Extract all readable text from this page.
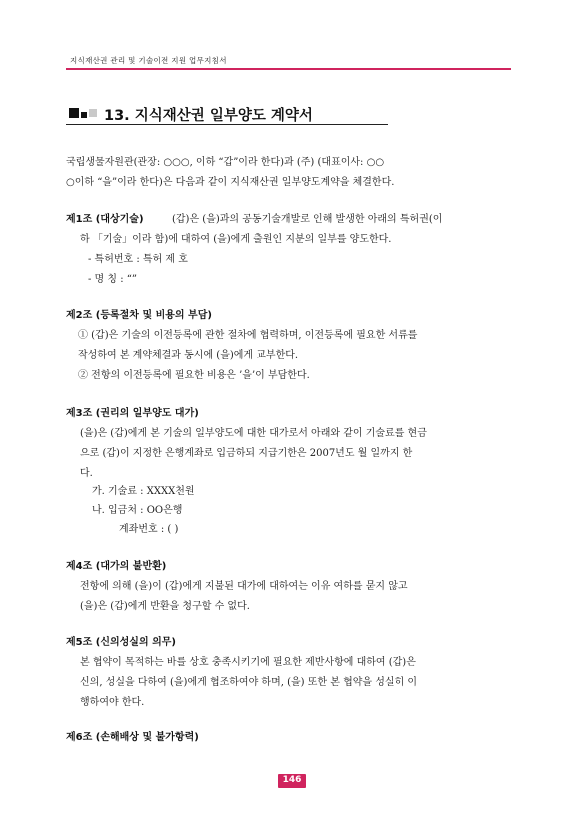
지식재산권 관리 및 기술이전 지원 업무지침서
13. 지식재산권 일부양도 계약서
국립생물자원관(관장: ○○○, 이하 “갑”이라 한다)과 (주) (대표이사: ○○
○이하 “을”이라 한다)은 다음과 같이 지식재산권 일부양도계약을 체결한다.
제1조 (대상기술)	(갑)은 (을)과의 공동기술개발로 인해 발생한 아래의 특허권(이
하 「기술」이라 함)에 대하여 (을)에게 출원인 지분의 일부를 양도한다.
- 특허번호 : 특허 제 호
- 명 칭 : “”
제2조 (등록절차 및 비용의 부담)
① (갑)은 기술의 이전등록에 관한 절차에 협력하며, 이전등록에 필요한 서류를
작성하여 본 계약체결과 동시에 (을)에게 교부한다.
② 전항의 이전등록에 필요한 비용은 ’을’이 부담한다.
제3조 (권리의 일부양도 대가)
(을)은 (갑)에게 본 기술의 일부양도에 대한 대가로서 아래와 같이 기술료를 현금
으로 (갑)이 지정한 은행계좌로 입금하되 지급기한은 2007년도 월 일까지 한
다.
가. 기술료 : XXXX천원
나. 입금처 : OO은행
계좌번호 : ( )
제4조 (대가의 불반환)
전항에 의해 (을)이 (갑)에게 지불된 대가에 대하여는 이유 여하를 묻지 않고
(을)은 (갑)에게 반환을 청구할 수 없다.
제5조 (신의성실의 의무)
본 협약이 목적하는 바를 상호 충족시키기에 필요한 제반사항에 대하여 (갑)은
신의, 성실을 다하여 (을)에게 협조하여야 하며, (을) 또한 본 협약을 성실히 이
행하여야 한다.
제6조 (손해배상 및 불가항력)
146
